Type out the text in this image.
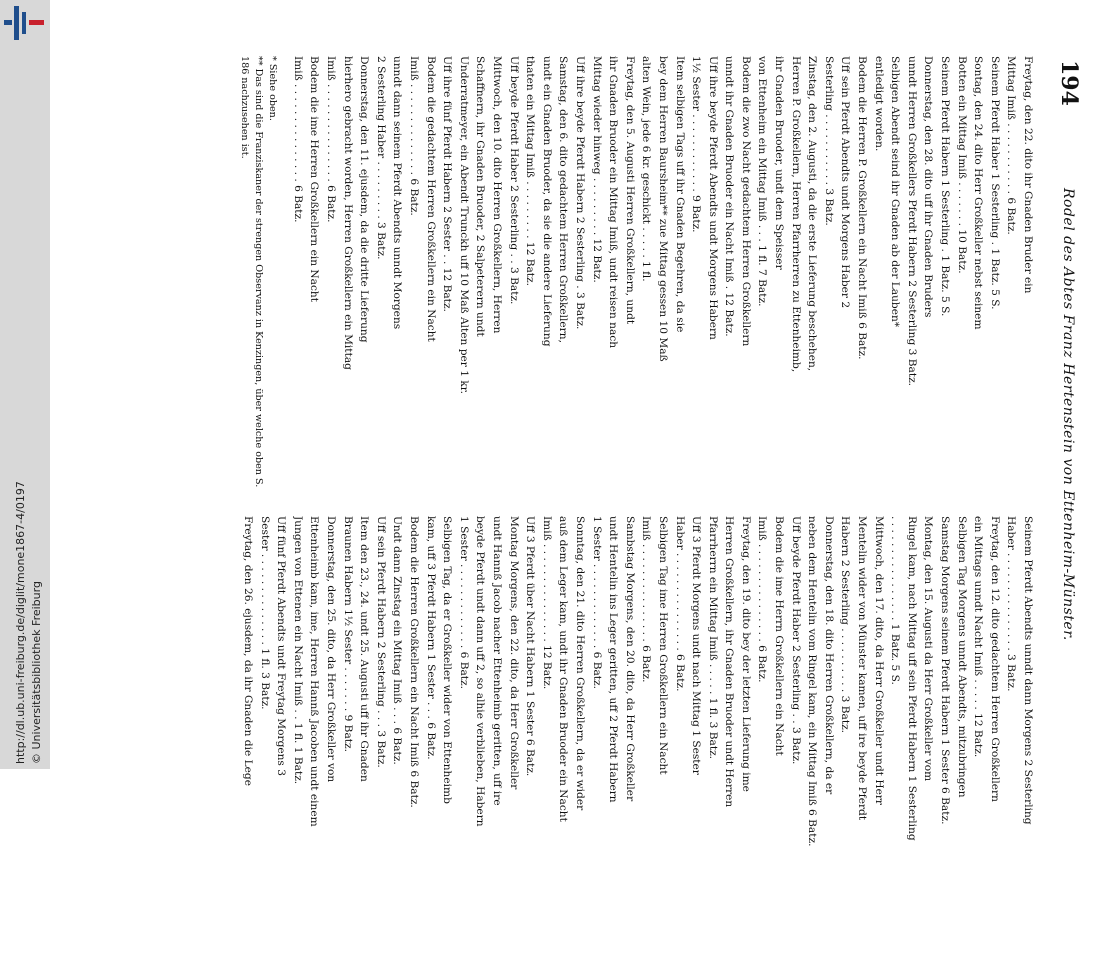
http://dl.ub.uni-freiburg.de/diglit/mone1867-4/0197 © Universitätsbibliothek Freiburg
194
Rodel des Abtes Franz Hertenstein von Ettenheim-Münster.
Freytag, den 22. dito ihr Gnaden Bruder ein
Mittag Imiß . . . . . . . . . . . 6 Batz.
Seinem Pferdt Haber 1 Sesterling . 1 Batz. 5 S.
Sontag, den 24. dito Herr Großkeller nebst seinem
Botten ein Mittag Imiß . . . . . . . 10 Batz.
Seinem Pferdt Habern 1 Sesterling . 1 Batz. 5 S.
Donnerstag, den 28. dito uff ihr Gnaden Bruders
unndt Herren Großkellers Pferdt Habern 2 Sesterling 3 Batz.
Selbigen Abendt seind ihr Gnaden ab der Lauben*
entledigt worden.
Bodem die Herren P. Großkellern ein Nacht Imiß 6 Batz.
Uff sein Pferdt Abendts undt Morgens Haber 2
Sesterling . . . . . . . . . . . 3 Batz.
Zinstag, den 2. Augusti, da die erste Lieferung beschehen,
Herren P. Großkellern, Herren Pfarrherren zu Ettenheimb,
ihr Gnaden Bruoder, undt dem Speisser
von Ettenheim ein Mittag Imiß . . . 1 fl. 7 Batz.
Bodem die zwo Nacht gedachtem Herren Großkellern
unndt ihr Gnaden Bruoder ein Nacht Imiß . 12 Batz.
Uff ihre beyde Pferdt Abendts undt Morgens Habern
1½ Sester . . . . . . . . . . . . 9 Batz.
Item selbigen Tags uff ihr Gnaden Begehren, da sie
bey dem Herren Baursheim** zue Mittag gessen 10 Maß
alten Wein, jede 6 kr. geschickt . . . . . 1 fl.
Freytag, den 5. Augusti Herren Großkellern, undt
ihr Gnaden Bruoder ein Mittag Imiß, undt reisen nach
Mittag wieder hinweg . . . . . . . . . 12 Batz.
Uff ihre beyde Pferdt Habern 2 Sesterling . 3 Batz.
Samstag, den 6. dito gedachtem Herren Großkellern,
undt ein Gnaden Bruoder, da sie die andere Lieferung
thaten ein Mittag Imiß . . . . . . . . . 12 Batz.
Uff beyde Pferdt Haber 2 Sesterling . . 3 Batz.
Mittwoch, den 10. dito Herren Großkellern, Herren
Schaffnern, ihr Gnaden Bruoder, 2 Salpeterern undt
Underratmeyer, ein Abendt Trunckh uff 10 Maß Alten per 1 kr.
Uff ihre fünf Pferdt Habern 2 Sester . . 12 Batz.
Bodem die gedachtem Herren Großkellern ein Nacht
Imiß . . . . . . . . . . . . . . 6 Batz.
unndt dann seinem Pferdt Abendts unndt Morgens
2 Sesterling Haber . . . . . . . . . 3 Batz.
Donnerstag, den 11. ejusdem, da die dritte Lieferung
hierhero gebracht worden, Herren Großkellern ein Mittag
Imiß . . . . . . . . . . . . . . . 6 Batz.
Bodem die ime Herren Großkellern ein Nacht
Imiß . . . . . . . . . . . . . . . 6 Batz.
* Siehe oben.
** Das sind die Franziskaner der strengen Observanz in Kenzingen, über welche oben S. 186 nachzusehen ist.
Seinem Pferdt Abendts unndt dann Morgens 2 Sesterling
Haber . . . . . . . . . . . . . . . 3 Batz.
Freytag, den 12. dito gedachtem Herren Großkellern
ein Mittags unndt Nacht Imiß . . . . . 12 Batz.
Selbigen Tag Morgens unndt Abendts, mitzubringen
Samstag Morgens seinem Pferdt Habern 1 Sester 6 Batz.
Montag, den 15. Augusti da Herr Großkeller vom
Ringel kam, nach Mittag uff sein Pferdt Habern 1 Sesterling
. . . . . . . . . . . . . . . . 1 Batz. 5 S.
Mittwoch, den 17. dito, da Herr Großkeller undt Herr
Mentelin wider von Münster kamen, uff ire beyde Pferdt
Habern 2 Sesterling . . . . . . . . . . 3 Batz.
Donnerstag, den 18. dito Herren Großkellern, da er
neben dem Hentelin vom Ringel kam, ein Mittag Imiß 6 Batz.
Uff beyde Pferdt Haber 2 Sesterling . . 3 Batz.
Bodem die ime Herrn Großkellern ein Nacht
Imiß . . . . . . . . . . . . . . . 6 Batz.
Freytag, den 19. dito bey der letzten Lieferung ime
Herren Großkellern, ihr Gnaden Bruoder undt Herren
Pfarrherrn ein Mittag Imiß . . . . . 1 fl. 3 Batz.
Uff 3 Pferdt Morgens undt nach Mittag 1 Sester
Haber . . . . . . . . . . . . . . . 6 Batz.
Selbigen Tag ime Herren Großkellern ein Nacht
Imiß . . . . . . . . . . . . . . . 6 Batz.
Sambstag Morgens, den 20. dito, da Herr Großkeller
undt Hentelin ins Leger geritten, uff 2 Pferdt Habern
1 Sester . . . . . . . . . . . . . 6 Batz.
Sonntag, den 21. dito Herren Großkellern, da er wider
auß dem Leger kam, undt ihr Gnaden Bruoder ein Nacht
Imiß . . . . . . . . . . . . . . . 12 Batz.
Uff 3 Pferdt über Nacht Habern 1 Sester 6 Batz.
Montag Morgens, den 22. dito, da Herr Großkeller
undt Hannß Jacob nacher Ettenheimb geritten, uff ire
beyde Pferdt undt dann uff 2, so alhie verblieben, Habern
1 Sester . . . . . . . . . . . . . 6 Batz.
Selbigen Tag, da er Großkeller wider von Ettenheimb
kam, uff 3 Pferdt Habern 1 Sester . . . 6 Batz.
Bodem die Herren Großkellern ein Nacht Imiß 6 Batz.
Undt dann Zinstag ein Mittag Imiß . . . 6 Batz.
Uff sein Pferdt Habern 2 Sesterling . . . 3 Batz.
Item den 23., 24. undt 25. Augusti uff ihr Gnaden
Braunen Habern 1½ Sester . . . . . . . 9 Batz.
Donnerstag, den 25. dito, da Herr Großkeller von
Ettenheimb kam, ime, Herren Hannß Jacoben undt einem
Jungen von Ettenen ein Nacht Imiß . . 1 fl. 1 Batz.
Uff fünf Pferdt Abendts undt Freytag Morgens 3
Sester . . . . . . . . . . . . . . 1 fl. 3 Batz.
Freytag, den 26. ejusdem, da ihr Gnaden die Lege
